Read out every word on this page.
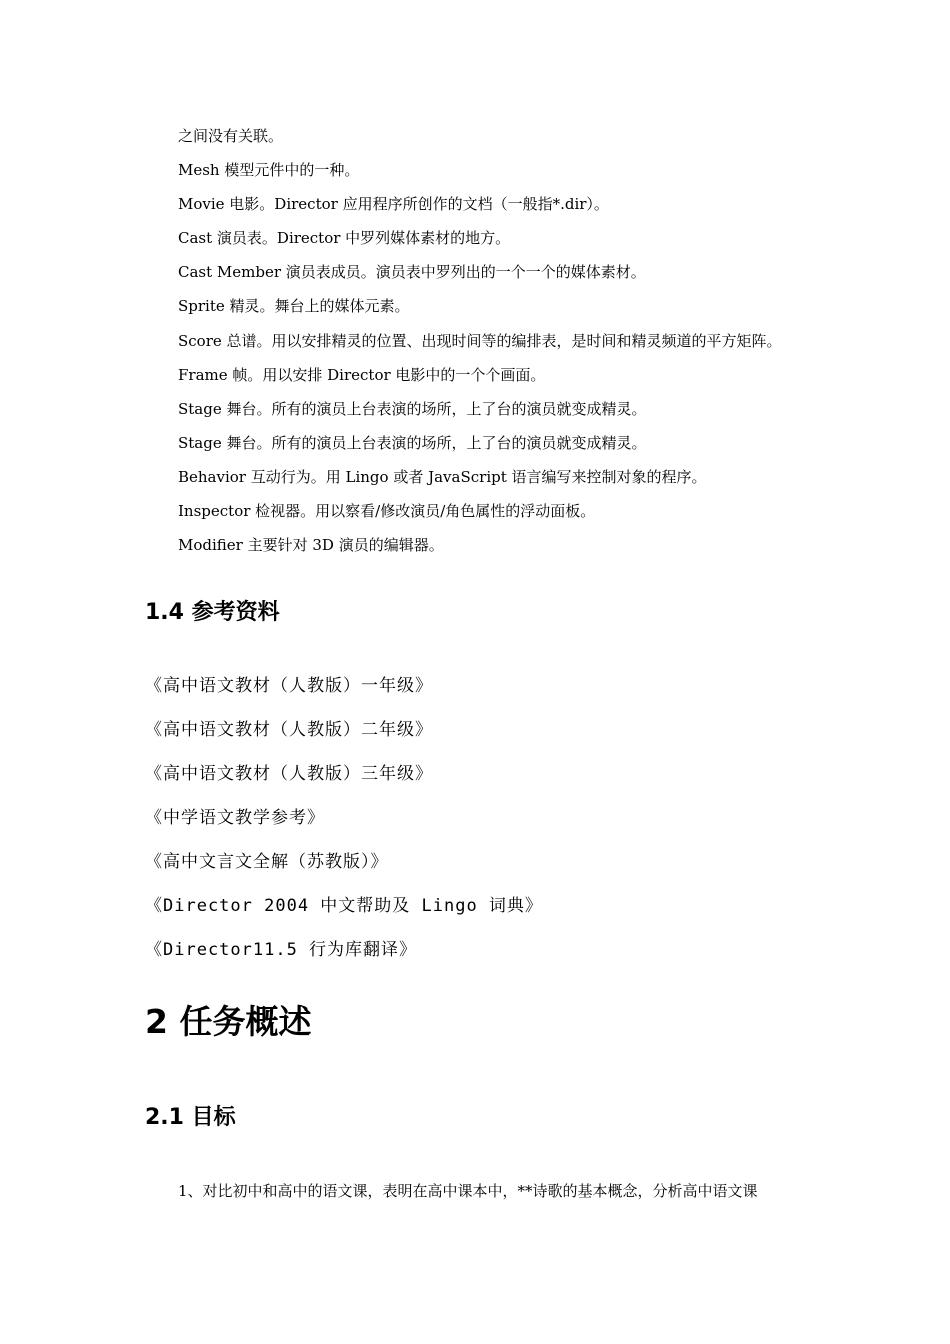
之间没有关联。
Mesh 模型元件中的一种。
Movie 电影。Director 应用程序所创作的文档（一般指*.dir）。
Cast 演员表。Director 中罗列媒体素材的地方。
Cast Member 演员表成员。演员表中罗列出的一个一个的媒体素材。
Sprite 精灵。舞台上的媒体元素。
Score 总谱。用以安排精灵的位置、出现时间等的编排表，是时间和精灵频道的平方矩阵。
Frame 帧。用以安排 Director 电影中的一个个画面。
Stage 舞台。所有的演员上台表演的场所，上了台的演员就变成精灵。
Stage 舞台。所有的演员上台表演的场所，上了台的演员就变成精灵。
Behavior 互动行为。用 Lingo 或者 JavaScript 语言编写来控制对象的程序。
Inspector 检视器。用以察看/修改演员/角色属性的浮动面板。
Modifier 主要针对 3D 演员的编辑器。
1.4 参考资料
《高中语文教材（人教版）一年级》
《高中语文教材（人教版）二年级》
《高中语文教材（人教版）三年级》
《中学语文教学参考》
《高中文言文全解（苏教版）》
《Director 2004 中文帮助及 Lingo 词典》
《Director11.5 行为库翻译》
2 任务概述
2.1 目标

1、对比初中和高中的语文课，表明在高中课本中，**诗歌的基本概念，分析高中语文课
